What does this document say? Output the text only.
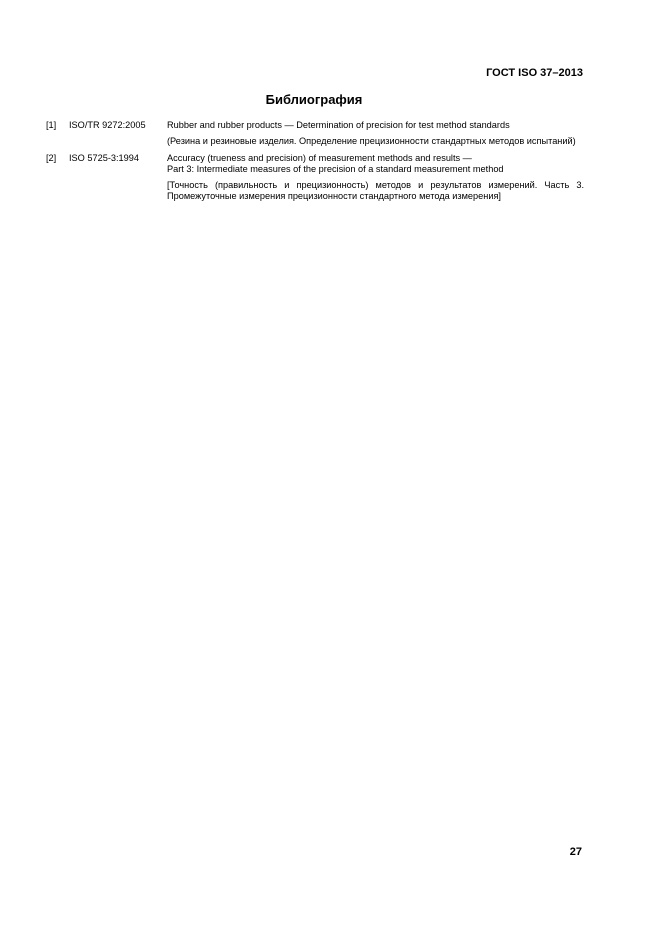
ГОСТ ISO 37–2013
Библиография
[1] ISO/TR 9272:2005 Rubber and rubber products — Determination of precision for test method standards

(Резина и резиновые изделия. Определение прецизионности стандартных методов испытаний)

[2] ISO 5725-3:1994	Accuracy (trueness and precision) of measurement methods and results —

Part 3: Intermediate measures of the precision of a standard measurement method

[Точность (правильность и прецизионность) методов и результатов измерений. Часть 3. Промежуточные измерения прецизионности стандартного метода измерения]

27
